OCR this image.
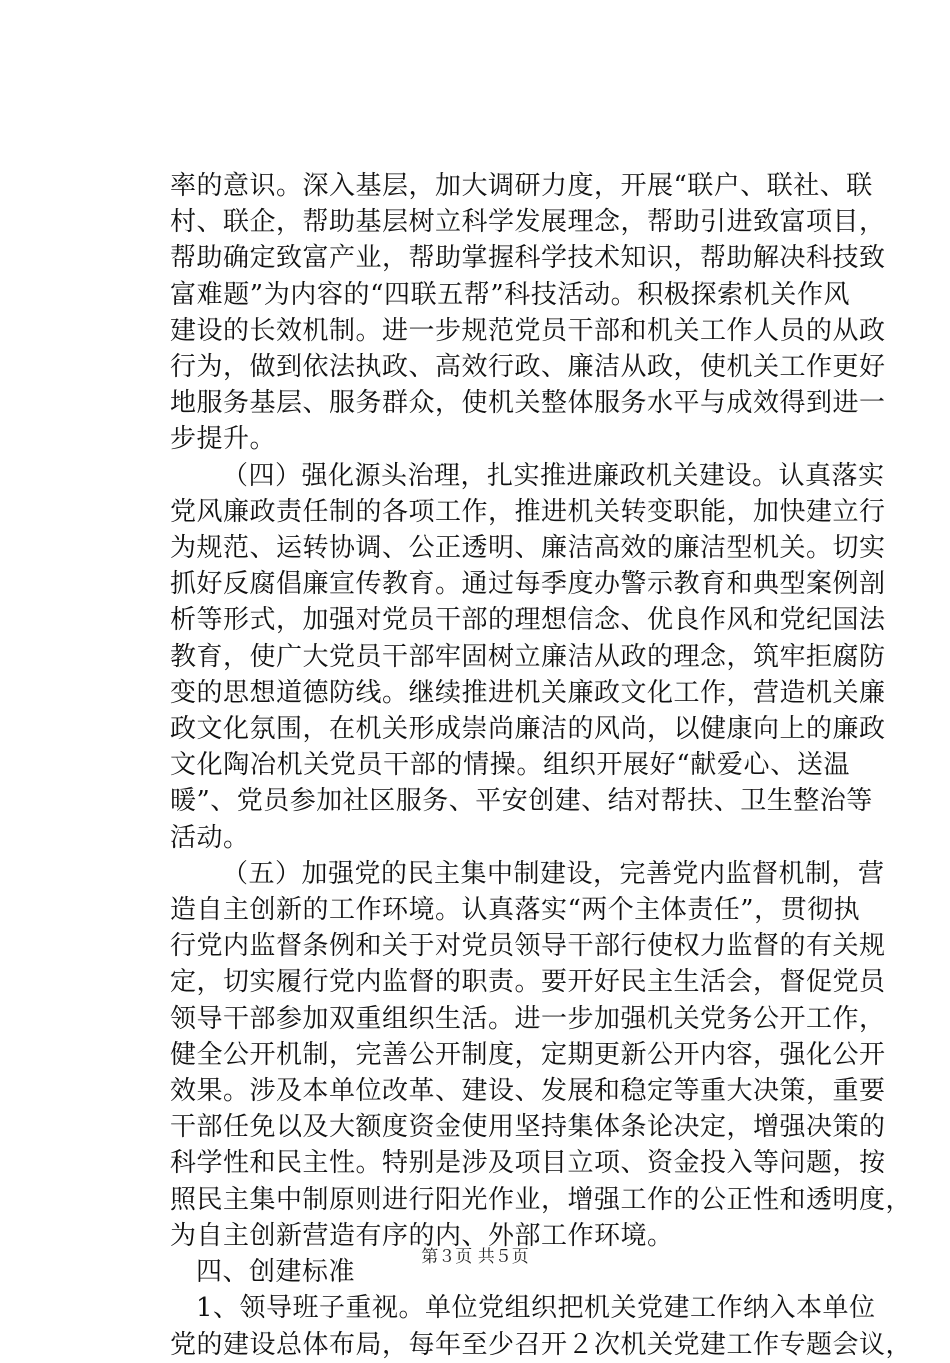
率的意识。深入基层，加大调研力度，开展“联户、联社、联
村、联企，帮助基层树立科学发展理念，帮助引进致富项目，
帮助确定致富产业，帮助掌握科学技术知识，帮助解决科技致
富难题”为内容的“四联五帮”科技活动。积极探索机关作风
建设的长效机制。进一步规范党员干部和机关工作人员的从政
行为，做到依法执政、高效行政、廉洁从政，使机关工作更好
地服务基层、服务群众，使机关整体服务水平与成效得到进一
步提升。
（四）强化源头治理，扎实推进廉政机关建设。认真落实
党风廉政责任制的各项工作，推进机关转变职能，加快建立行
为规范、运转协调、公正透明、廉洁高效的廉洁型机关。切实
抓好反腐倡廉宣传教育。通过每季度办警示教育和典型案例剖
析等形式，加强对党员干部的理想信念、优良作风和党纪国法
教育，使广大党员干部牢固树立廉洁从政的理念，筑牢拒腐防
变的思想道德防线。继续推进机关廉政文化工作，营造机关廉
政文化氛围，在机关形成崇尚廉洁的风尚，以健康向上的廉政
文化陶冶机关党员干部的情操。组织开展好“献爱心、送温
暖”、党员参加社区服务、平安创建、结对帮扶、卫生整治等
活动。
（五）加强党的民主集中制建设，完善党内监督机制，营
造自主创新的工作环境。认真落实“两个主体责任”，贯彻执
行党内监督条例和关于对党员领导干部行使权力监督的有关规
定，切实履行党内监督的职责。要开好民主生活会，督促党员
领导干部参加双重组织生活。进一步加强机关党务公开工作，
健全公开机制，完善公开制度，定期更新公开内容，强化公开
效果。涉及本单位改革、建设、发展和稳定等重大决策，重要
干部任免以及大额度资金使用坚持集体条论决定，增强决策的
科学性和民主性。特别是涉及项目立项、资金投入等问题，按
照民主集中制原则进行阳光作业，增强工作的公正性和透明度，
为自主创新营造有序的内、外部工作环境。
四、创建标准
1、领导班子重视。单位党组织把机关党建工作纳入本单位
党的建设总体布局，每年至少召开２次机关党建工作专题会议，
第３页 共５页
